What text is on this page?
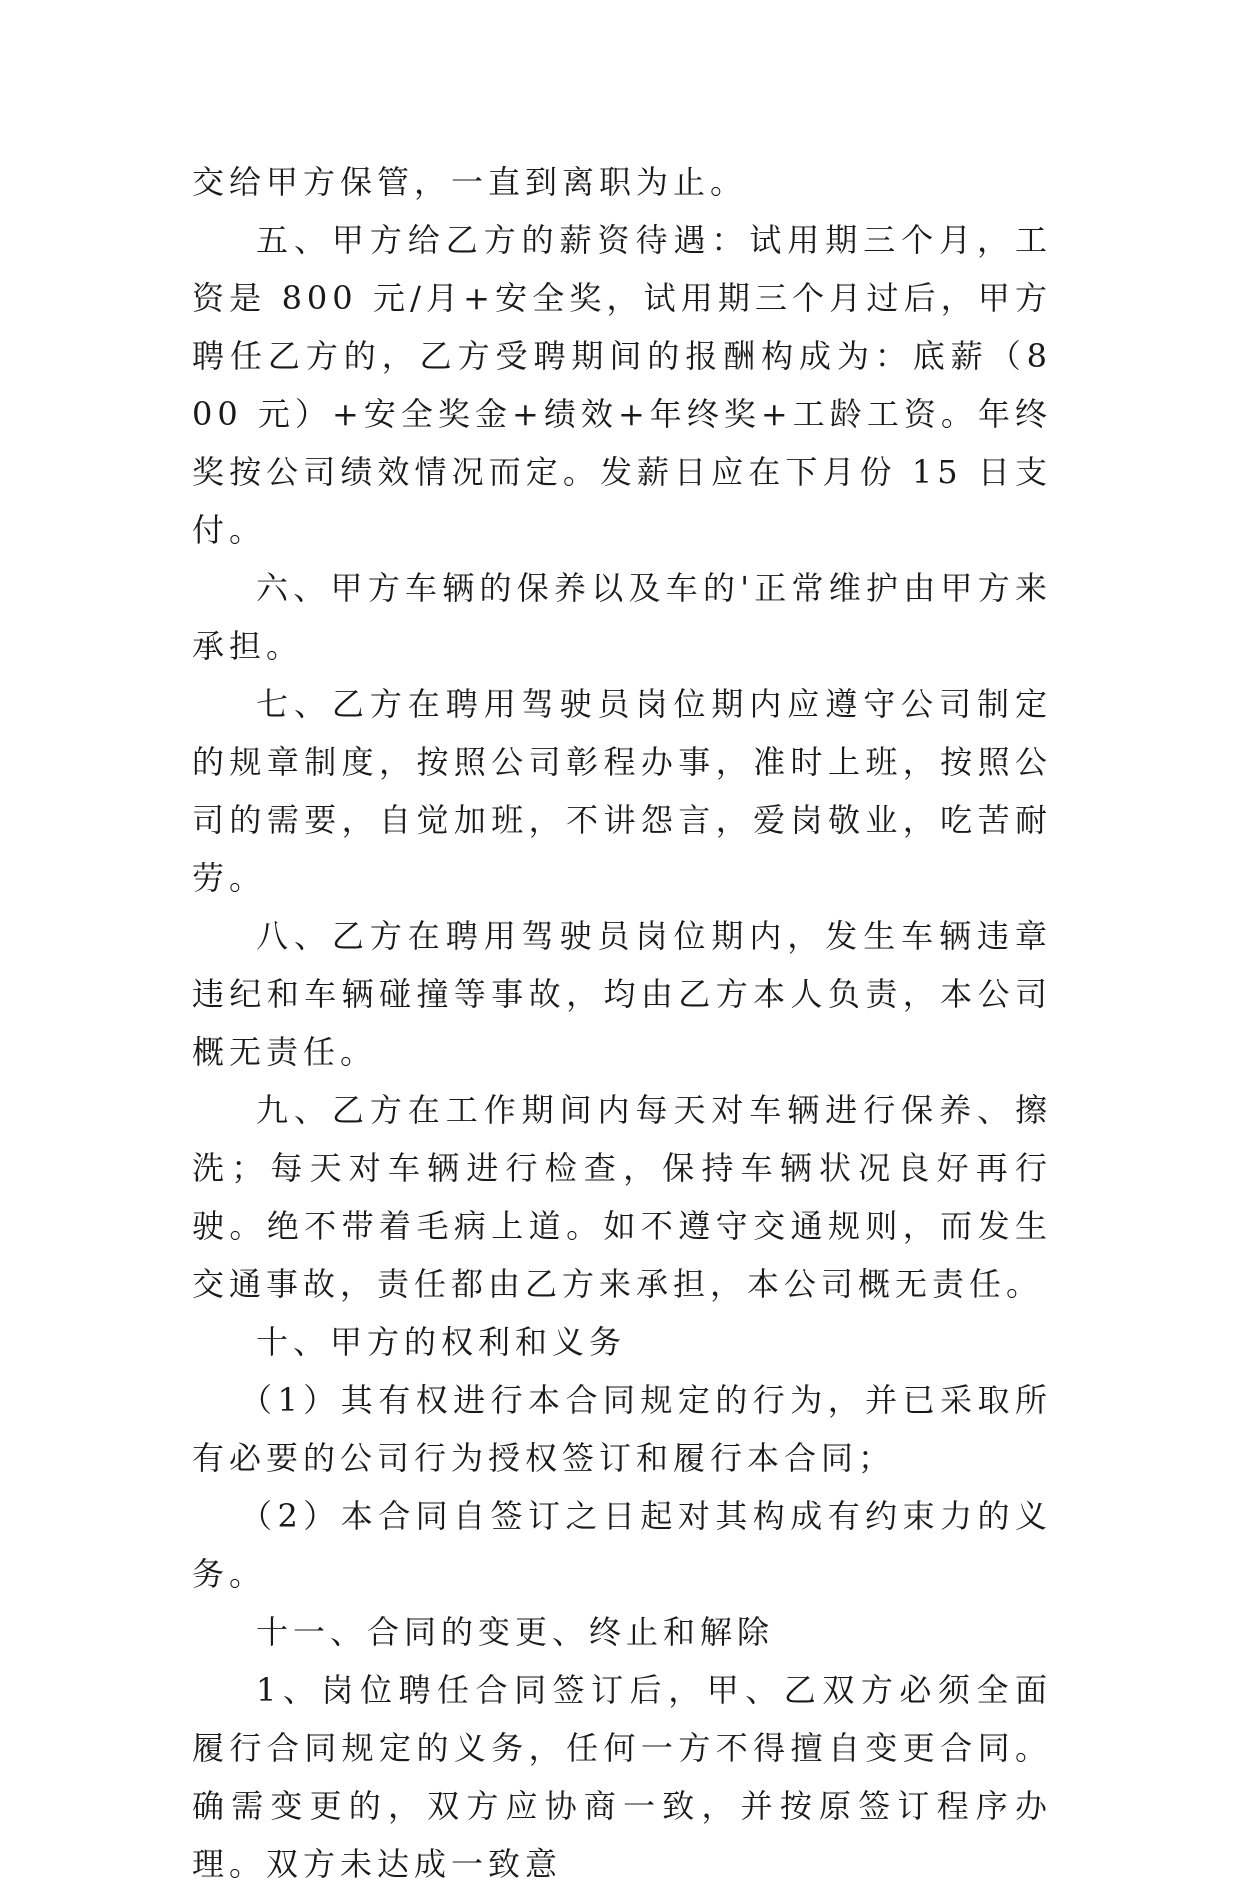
交给甲方保管，一直到离职为止。

五、甲方给乙方的薪资待遇：试用期三个月，工资是 800 元/月+安全奖，试用期三个月过后，甲方聘任乙方的，乙方受聘期间的报酬构成为：底薪（800 元）+安全奖金+绩效+年终奖+工龄工资。年终奖按公司绩效情况而定。发薪日应在下月份 15 日支付。

六、甲方车辆的保养以及车的'正常维护由甲方来承担。

七、乙方在聘用驾驶员岗位期内应遵守公司制定的规章制度，按照公司彰程办事，准时上班，按照公司的需要，自觉加班，不讲怨言，爱岗敬业，吃苦耐劳。

八、乙方在聘用驾驶员岗位期内，发生车辆违章违纪和车辆碰撞等事故，均由乙方本人负责，本公司概无责任。

九、乙方在工作期间内每天对车辆进行保养、擦洗；每天对车辆进行检查，保持车辆状况良好再行驶。绝不带着毛病上道。如不遵守交通规则，而发生交通事故，责任都由乙方来承担，本公司概无责任。

十、甲方的权利和义务

（1）其有权进行本合同规定的行为，并已采取所有必要的公司行为授权签订和履行本合同；

（2）本合同自签订之日起对其构成有约束力的义务。

十一、合同的变更、终止和解除

1、岗位聘任合同签订后，甲、乙双方必须全面履行合同规定的义务，任何一方不得擅自变更合同。确需变更的，双方应协商一致，并按原签订程序办理。双方未达成一致意
